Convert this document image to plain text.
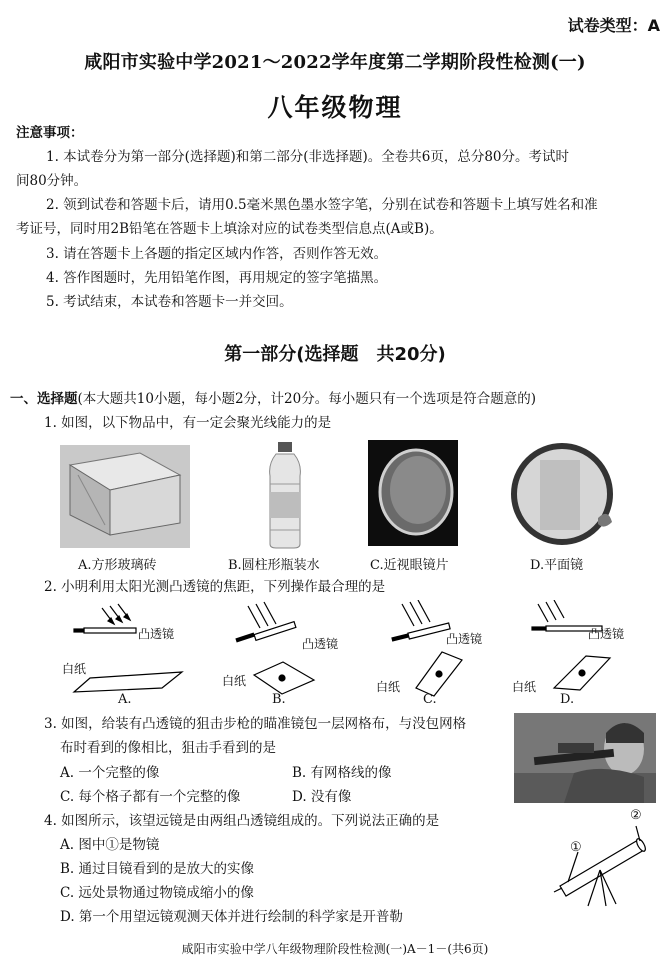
试卷类型：A
咸阳市实验中学2021～2022学年度第二学期阶段性检测(一)
八年级物理
注意事项：
1. 本试卷分为第一部分(选择题)和第二部分(非选择题)。全卷共6页，总分80分。考试时
间80分钟。
2. 领到试卷和答题卡后，请用0.5毫米黑色墨水签字笔，分别在试卷和答题卡上填写姓名和准
考证号，同时用2B铅笔在答题卡上填涂对应的试卷类型信息点(A或B)。
3. 请在答题卡上各题的指定区域内作答，否则作答无效。
4. 答作图题时，先用铅笔作图，再用规定的签字笔描黑。
5. 考试结束，本试卷和答题卡一并交回。
第一部分(选择题　共20分)
一、选择题(本大题共10小题，每小题2分，计20分。每小题只有一个选项是符合题意的)
1. 如图，以下物品中，有一定会聚光线能力的是
A.方形玻璃砖	B.圆柱形瓶装水	C.近视眼镜片	D.平面镜
2. 小明利用太阳光测凸透镜的焦距，下列操作最合理的是
凸透镜
白纸
凸透镜
白纸
凸透镜
白纸
凸透镜
白纸
A.	B.	C.	D.
3. 如图，给装有凸透镜的狙击步枪的瞄准镜包一层网格布，与没包网格
布时看到的像相比，狙击手看到的是
A. 一个完整的像	B. 有网格线的像
C. 每个格子都有一个完整的像	D. 没有像
4. 如图所示，该望远镜是由两组凸透镜组成的。下列说法正确的是
A. 图中①是物镜
B. 通过目镜看到的是放大的实像
C. 远处景物通过物镜成缩小的像
D. 第一个用望远镜观测天体并进行绘制的科学家是开普勒
①
②
咸阳市实验中学八年级物理阶段性检测(一)A－1－(共6页)
